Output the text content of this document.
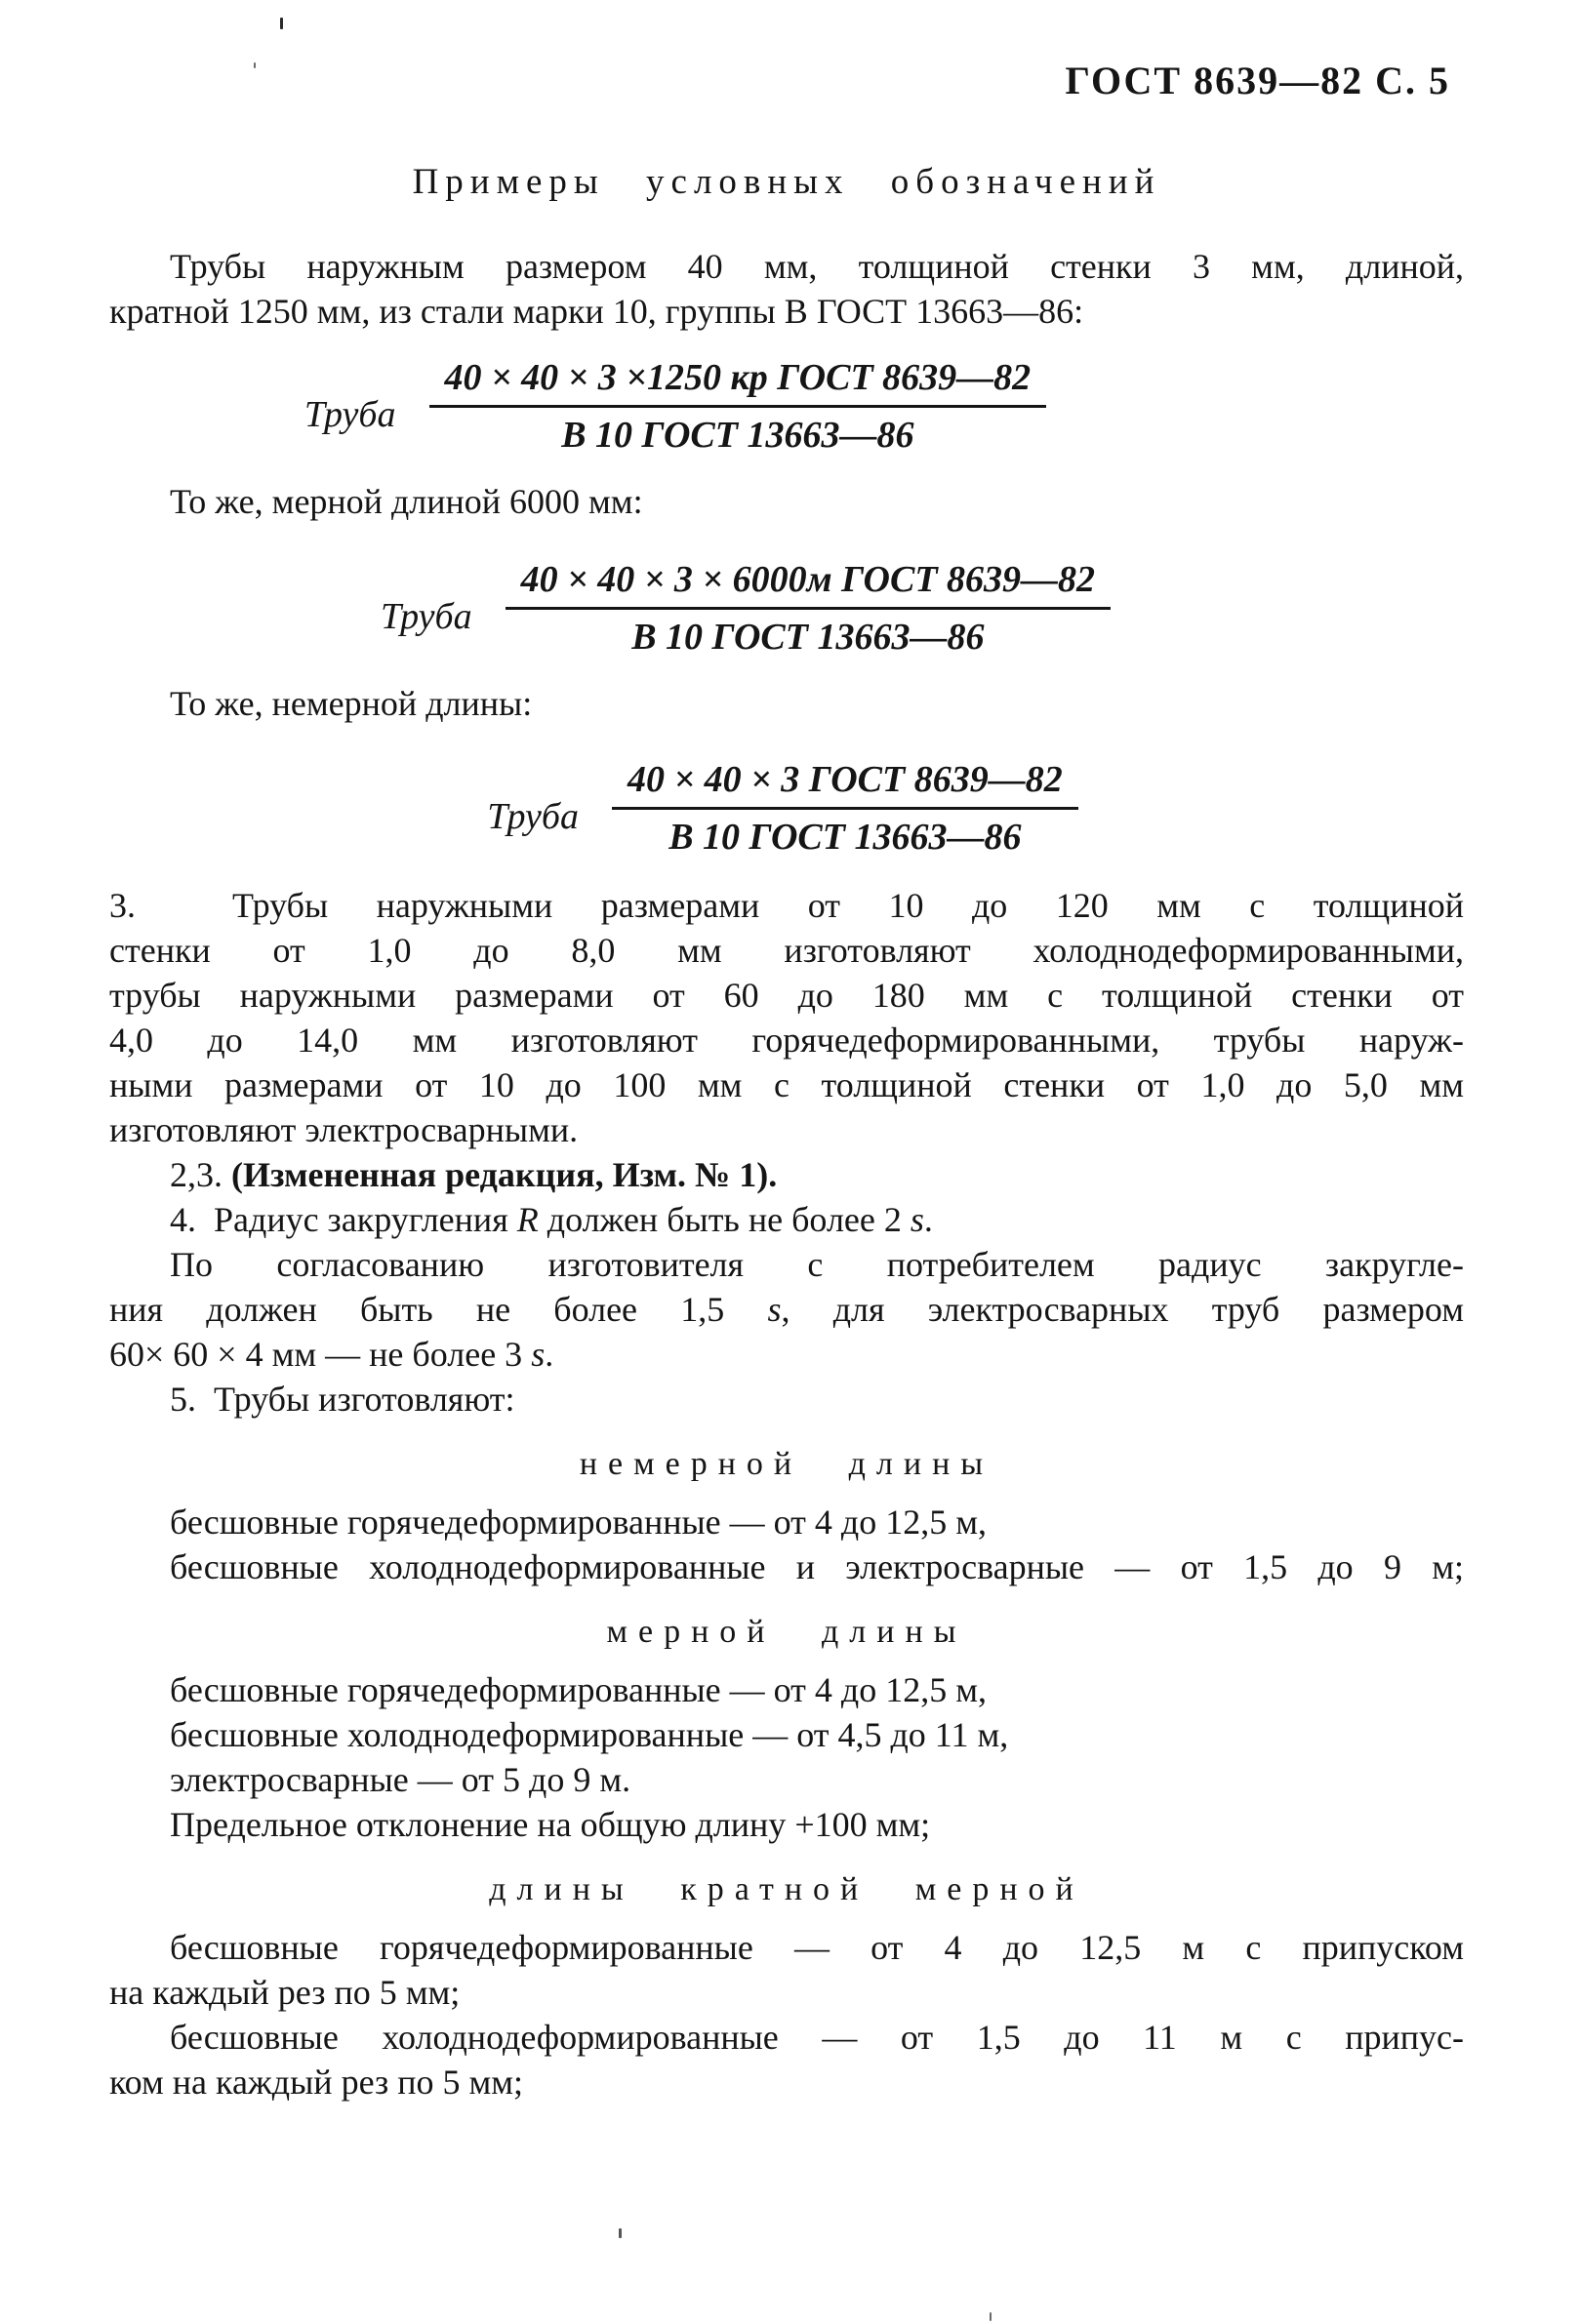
ГОСТ 8639—82 С. 5
Примеры условных обозначений
Трубы наружным размером 40 мм, толщиной стенки 3 мм, длиной,
кратной 1250 мм, из стали марки 10, группы В ГОСТ 13663—86:
Труба $\frac{\text{40 × 40 × 3 ×1250 кр ГОСТ 8639—82}}{\text{В 10 ГОСТ 13663—86}}$
То же, мерной длиной 6000 мм:
Труба $\frac{\text{40 × 40 × 3 × 6000м ГОСТ 8639—82}}{\text{В 10 ГОСТ 13663—86}}$
То же, немерной длины:
Труба $\frac{\text{40 × 40 × 3 ГОСТ 8639—82}}{\text{В 10 ГОСТ 13663—86}}$
3.  Трубы наружными размерами от 10 до 120 мм с толщиной
стенки от 1,0 до 8,0 мм изготовляют холоднодеформированными,
трубы наружными размерами от 60 до 180 мм с толщиной стенки от
4,0 до 14,0 мм изготовляют горячедеформированными, трубы наруж-
ными размерами от 10 до 100 мм с толщиной стенки от 1,0 до 5,0 мм
изготовляют электросварными.
2,3. (Измененная редакция, Изм. № 1).
4.  Радиус закругления R должен быть не более 2 s.
По согласованию изготовителя с потребителем радиус закругле-
ния должен быть не более 1,5 s, для электросварных труб размером
60× 60 × 4 мм — не более 3 s.
5.  Трубы изготовляют:
немерной длины
бесшовные горячедеформированные — от 4 до 12,5 м,
бесшовные холоднодеформированные и электросварные — от 1,5 до 9 м;
мерной длины
бесшовные горячедеформированные — от 4 до 12,5 м,
бесшовные холоднодеформированные — от 4,5 до 11 м,
электросварные — от 5 до 9 м.
Предельное отклонение на общую длину +100 мм;
длины кратной мерной
бесшовные горячедеформированные — от 4 до 12,5 м с припуском
на каждый рез по 5 мм;
бесшовные холоднодеформированные — от 1,5 до 11 м с припус-
ком на каждый рез по 5 мм;
